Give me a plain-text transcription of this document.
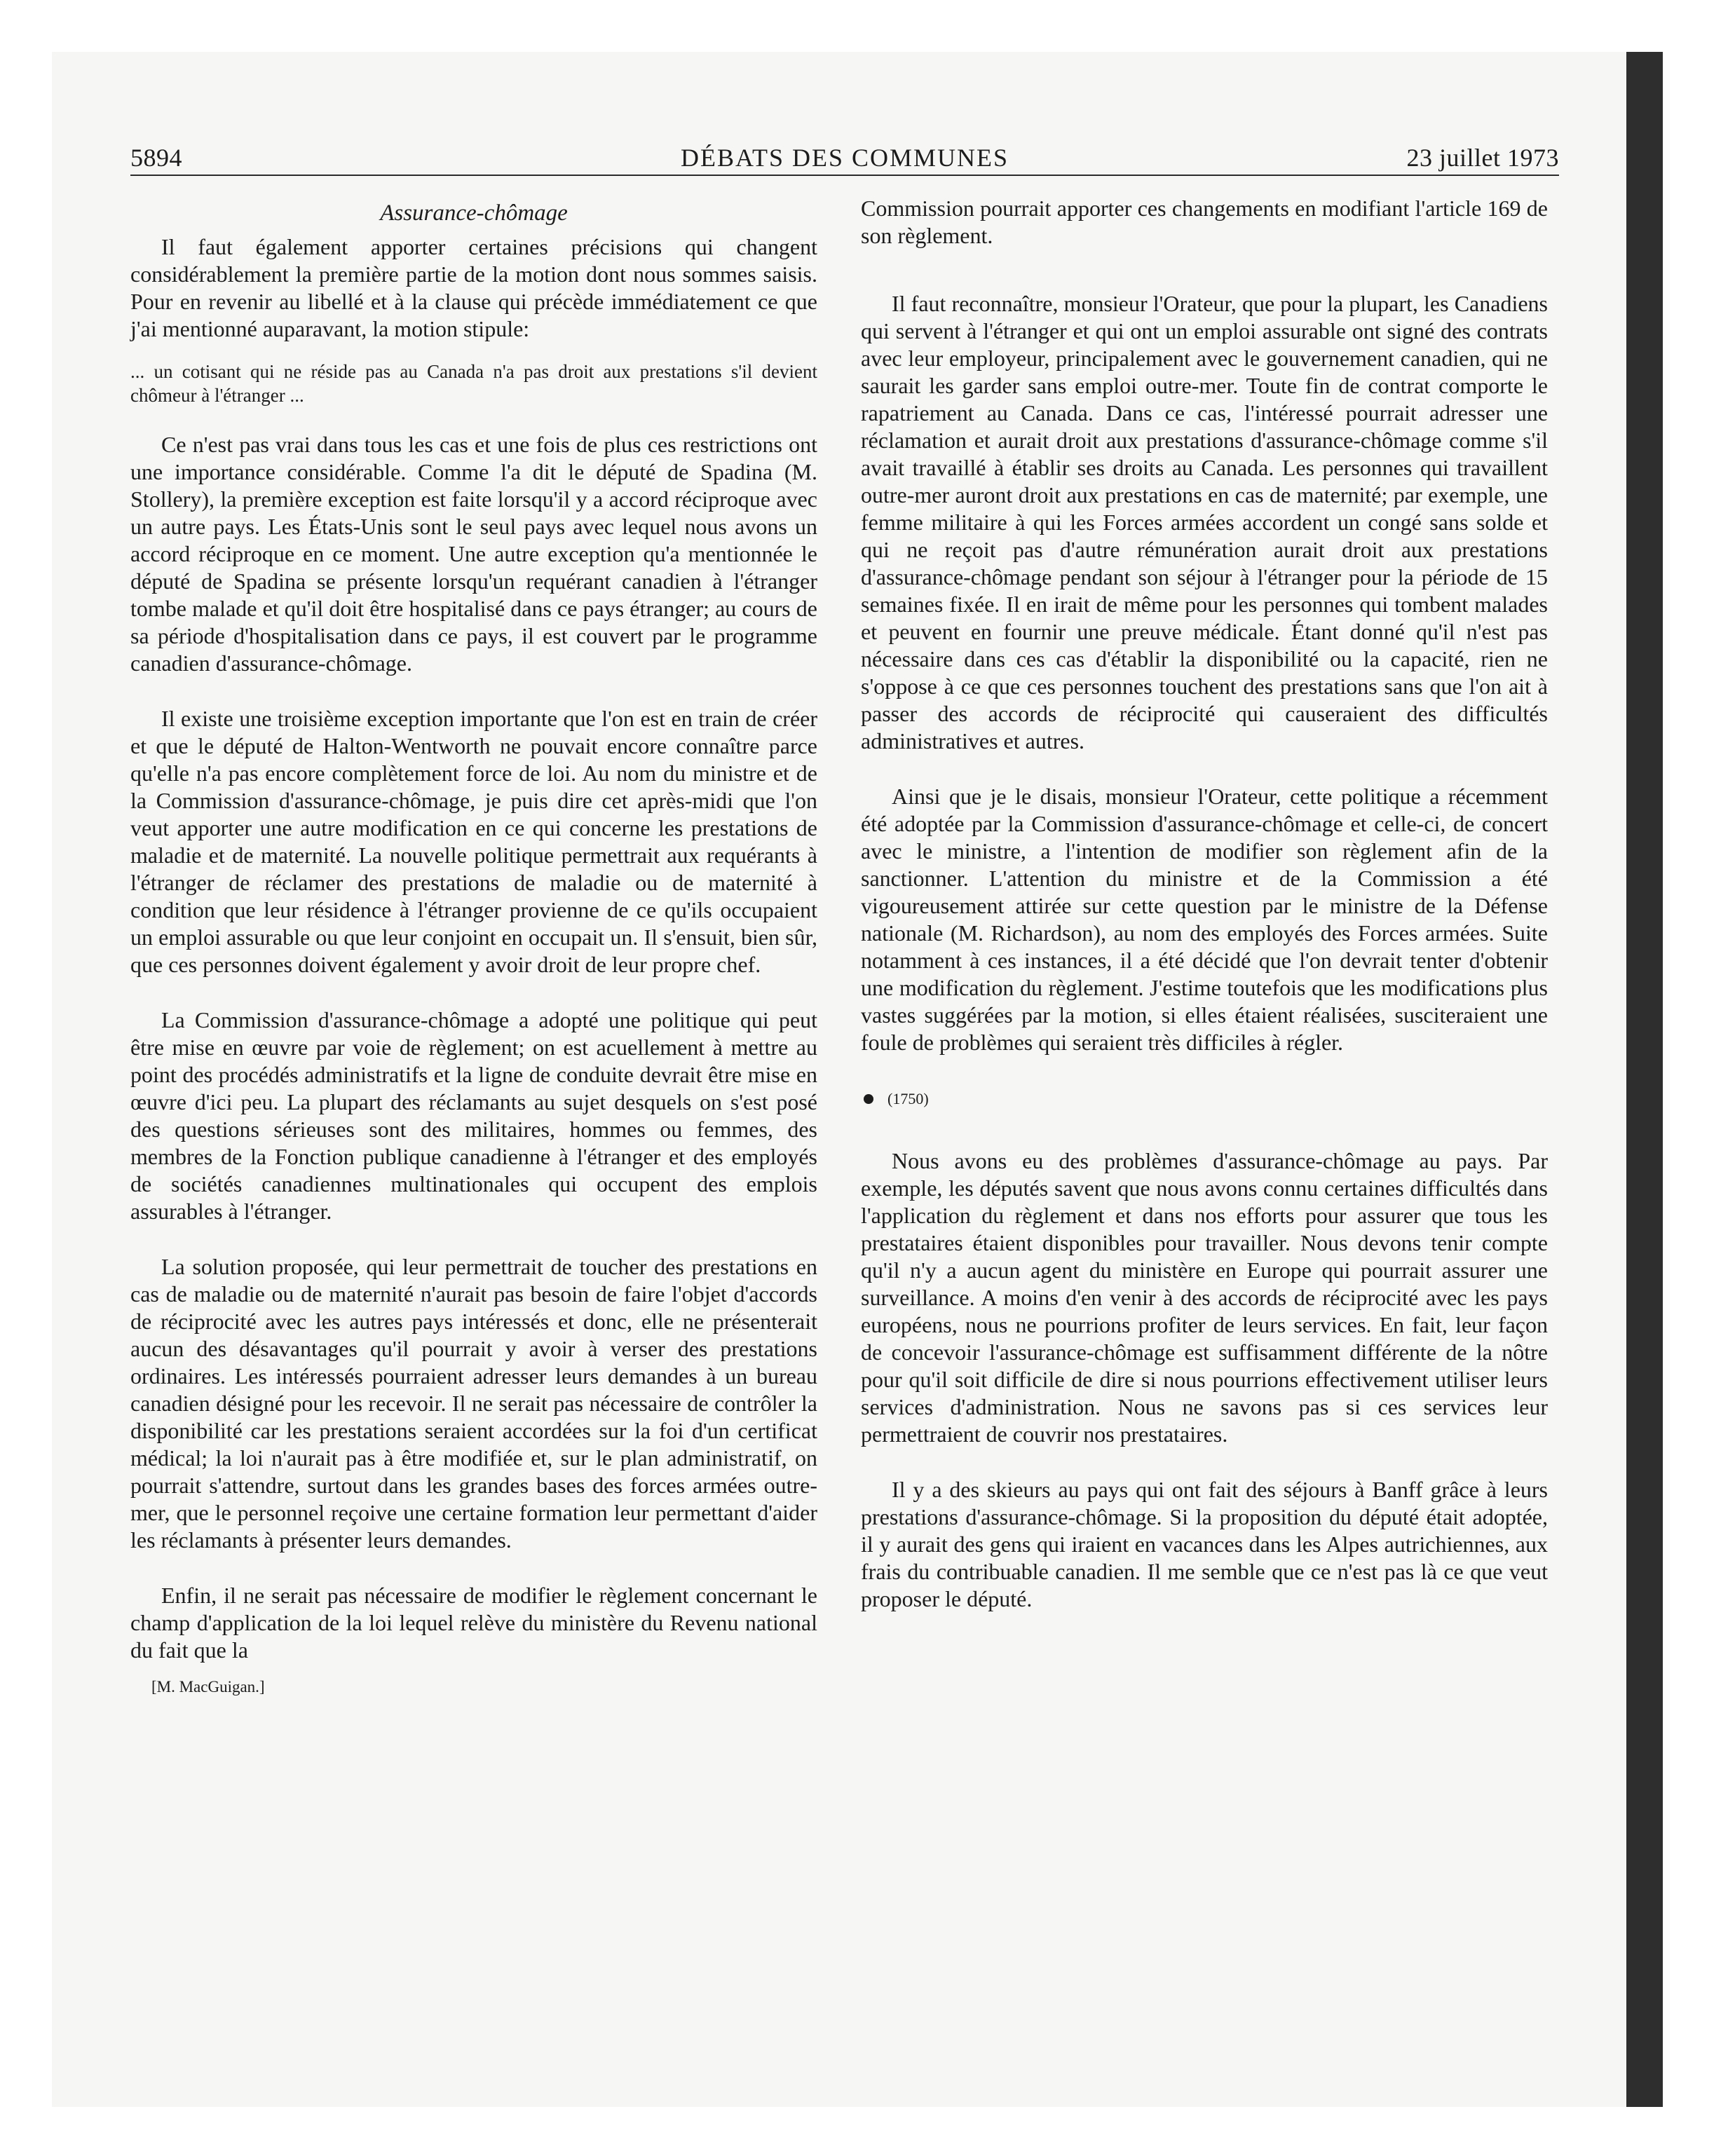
5894	DÉBATS DES COMMUNES	23 juillet 1973
Assurance-chômage

Il faut également apporter certaines précisions qui changent considérablement la première partie de la motion dont nous sommes saisis. Pour en revenir au libellé et à la clause qui précède immédiatement ce que j'ai mentionné auparavant, la motion stipule:

... un cotisant qui ne réside pas au Canada n'a pas droit aux prestations s'il devient chômeur à l'étranger ...

Ce n'est pas vrai dans tous les cas et une fois de plus ces restrictions ont une importance considérable. Comme l'a dit le député de Spadina (M. Stollery), la première exception est faite lorsqu'il y a accord réciproque avec un autre pays. Les États-Unis sont le seul pays avec lequel nous avons un accord réciproque en ce moment. Une autre exception qu'a mentionnée le député de Spadina se présente lorsqu'un requérant canadien à l'étranger tombe malade et qu'il doit être hospitalisé dans ce pays étranger; au cours de sa période d'hospitalisation dans ce pays, il est couvert par le programme canadien d'assurance-chômage.

Il existe une troisième exception importante que l'on est en train de créer et que le député de Halton-Wentworth ne pouvait encore connaître parce qu'elle n'a pas encore complètement force de loi. Au nom du ministre et de la Commission d'assurance-chômage, je puis dire cet après-midi que l'on veut apporter une autre modification en ce qui concerne les prestations de maladie et de maternité. La nouvelle politique permettrait aux requérants à l'étranger de réclamer des prestations de maladie ou de maternité à condition que leur résidence à l'étranger provienne de ce qu'ils occupaient un emploi assurable ou que leur conjoint en occupait un. Il s'ensuit, bien sûr, que ces personnes doivent également y avoir droit de leur propre chef.

La Commission d'assurance-chômage a adopté une politique qui peut être mise en œuvre par voie de règlement; on est acuellement à mettre au point des procédés administratifs et la ligne de conduite devrait être mise en œuvre d'ici peu. La plupart des réclamants au sujet desquels on s'est posé des questions sérieuses sont des militaires, hommes ou femmes, des membres de la Fonction publique canadienne à l'étranger et des employés de sociétés canadiennes multinationales qui occupent des emplois assurables à l'étranger.

La solution proposée, qui leur permettrait de toucher des prestations en cas de maladie ou de maternité n'aurait pas besoin de faire l'objet d'accords de réciprocité avec les autres pays intéressés et donc, elle ne présenterait aucun des désavantages qu'il pourrait y avoir à verser des prestations ordinaires. Les intéressés pourraient adresser leurs demandes à un bureau canadien désigné pour les recevoir. Il ne serait pas nécessaire de contrôler la disponibilité car les prestations seraient accordées sur la foi d'un certificat médical; la loi n'aurait pas à être modifiée et, sur le plan administratif, on pourrait s'attendre, surtout dans les grandes bases des forces armées outre-mer, que le personnel reçoive une certaine formation leur permettant d'aider les réclamants à présenter leurs demandes.

Enfin, il ne serait pas nécessaire de modifier le règlement concernant le champ d'application de la loi lequel relève du ministère du Revenu national du fait que la

[M. MacGuigan.]

Commission pourrait apporter ces changements en modifiant l'article 169 de son règlement.

Il faut reconnaître, monsieur l'Orateur, que pour la plupart, les Canadiens qui servent à l'étranger et qui ont un emploi assurable ont signé des contrats avec leur employeur, principalement avec le gouvernement canadien, qui ne saurait les garder sans emploi outre-mer. Toute fin de contrat comporte le rapatriement au Canada. Dans ce cas, l'intéressé pourrait adresser une réclamation et aurait droit aux prestations d'assurance-chômage comme s'il avait travaillé à établir ses droits au Canada. Les personnes qui travaillent outre-mer auront droit aux prestations en cas de maternité; par exemple, une femme militaire à qui les Forces armées accordent un congé sans solde et qui ne reçoit pas d'autre rémunération aurait droit aux prestations d'assurance-chômage pendant son séjour à l'étranger pour la période de 15 semaines fixée. Il en irait de même pour les personnes qui tombent malades et peuvent en fournir une preuve médicale. Étant donné qu'il n'est pas nécessaire dans ces cas d'établir la disponibilité ou la capacité, rien ne s'oppose à ce que ces personnes touchent des prestations sans que l'on ait à passer des accords de réciprocité qui causeraient des difficultés administratives et autres.

Ainsi que je le disais, monsieur l'Orateur, cette politique a récemment été adoptée par la Commission d'assurance-chômage et celle-ci, de concert avec le ministre, a l'intention de modifier son règlement afin de la sanctionner. L'attention du ministre et de la Commission a été vigoureusement attirée sur cette question par le ministre de la Défense nationale (M. Richardson), au nom des employés des Forces armées. Suite notamment à ces instances, il a été décidé que l'on devrait tenter d'obtenir une modification du règlement. J'estime toutefois que les modifications plus vastes suggérées par la motion, si elles étaient réalisées, susciteraient une foule de problèmes qui seraient très difficiles à régler.

(1750)

Nous avons eu des problèmes d'assurance-chômage au pays. Par exemple, les députés savent que nous avons connu certaines difficultés dans l'application du règlement et dans nos efforts pour assurer que tous les prestataires étaient disponibles pour travailler. Nous devons tenir compte qu'il n'y a aucun agent du ministère en Europe qui pourrait assurer une surveillance. A moins d'en venir à des accords de réciprocité avec les pays européens, nous ne pourrions profiter de leurs services. En fait, leur façon de concevoir l'assurance-chômage est suffisamment différente de la nôtre pour qu'il soit difficile de dire si nous pourrions effectivement utiliser leurs services d'administration. Nous ne savons pas si ces services leur permettraient de couvrir nos prestataires.

Il y a des skieurs au pays qui ont fait des séjours à Banff grâce à leurs prestations d'assurance-chômage. Si la proposition du député était adoptée, il y aurait des gens qui iraient en vacances dans les Alpes autrichiennes, aux frais du contribuable canadien. Il me semble que ce n'est pas là ce que veut proposer le député.
